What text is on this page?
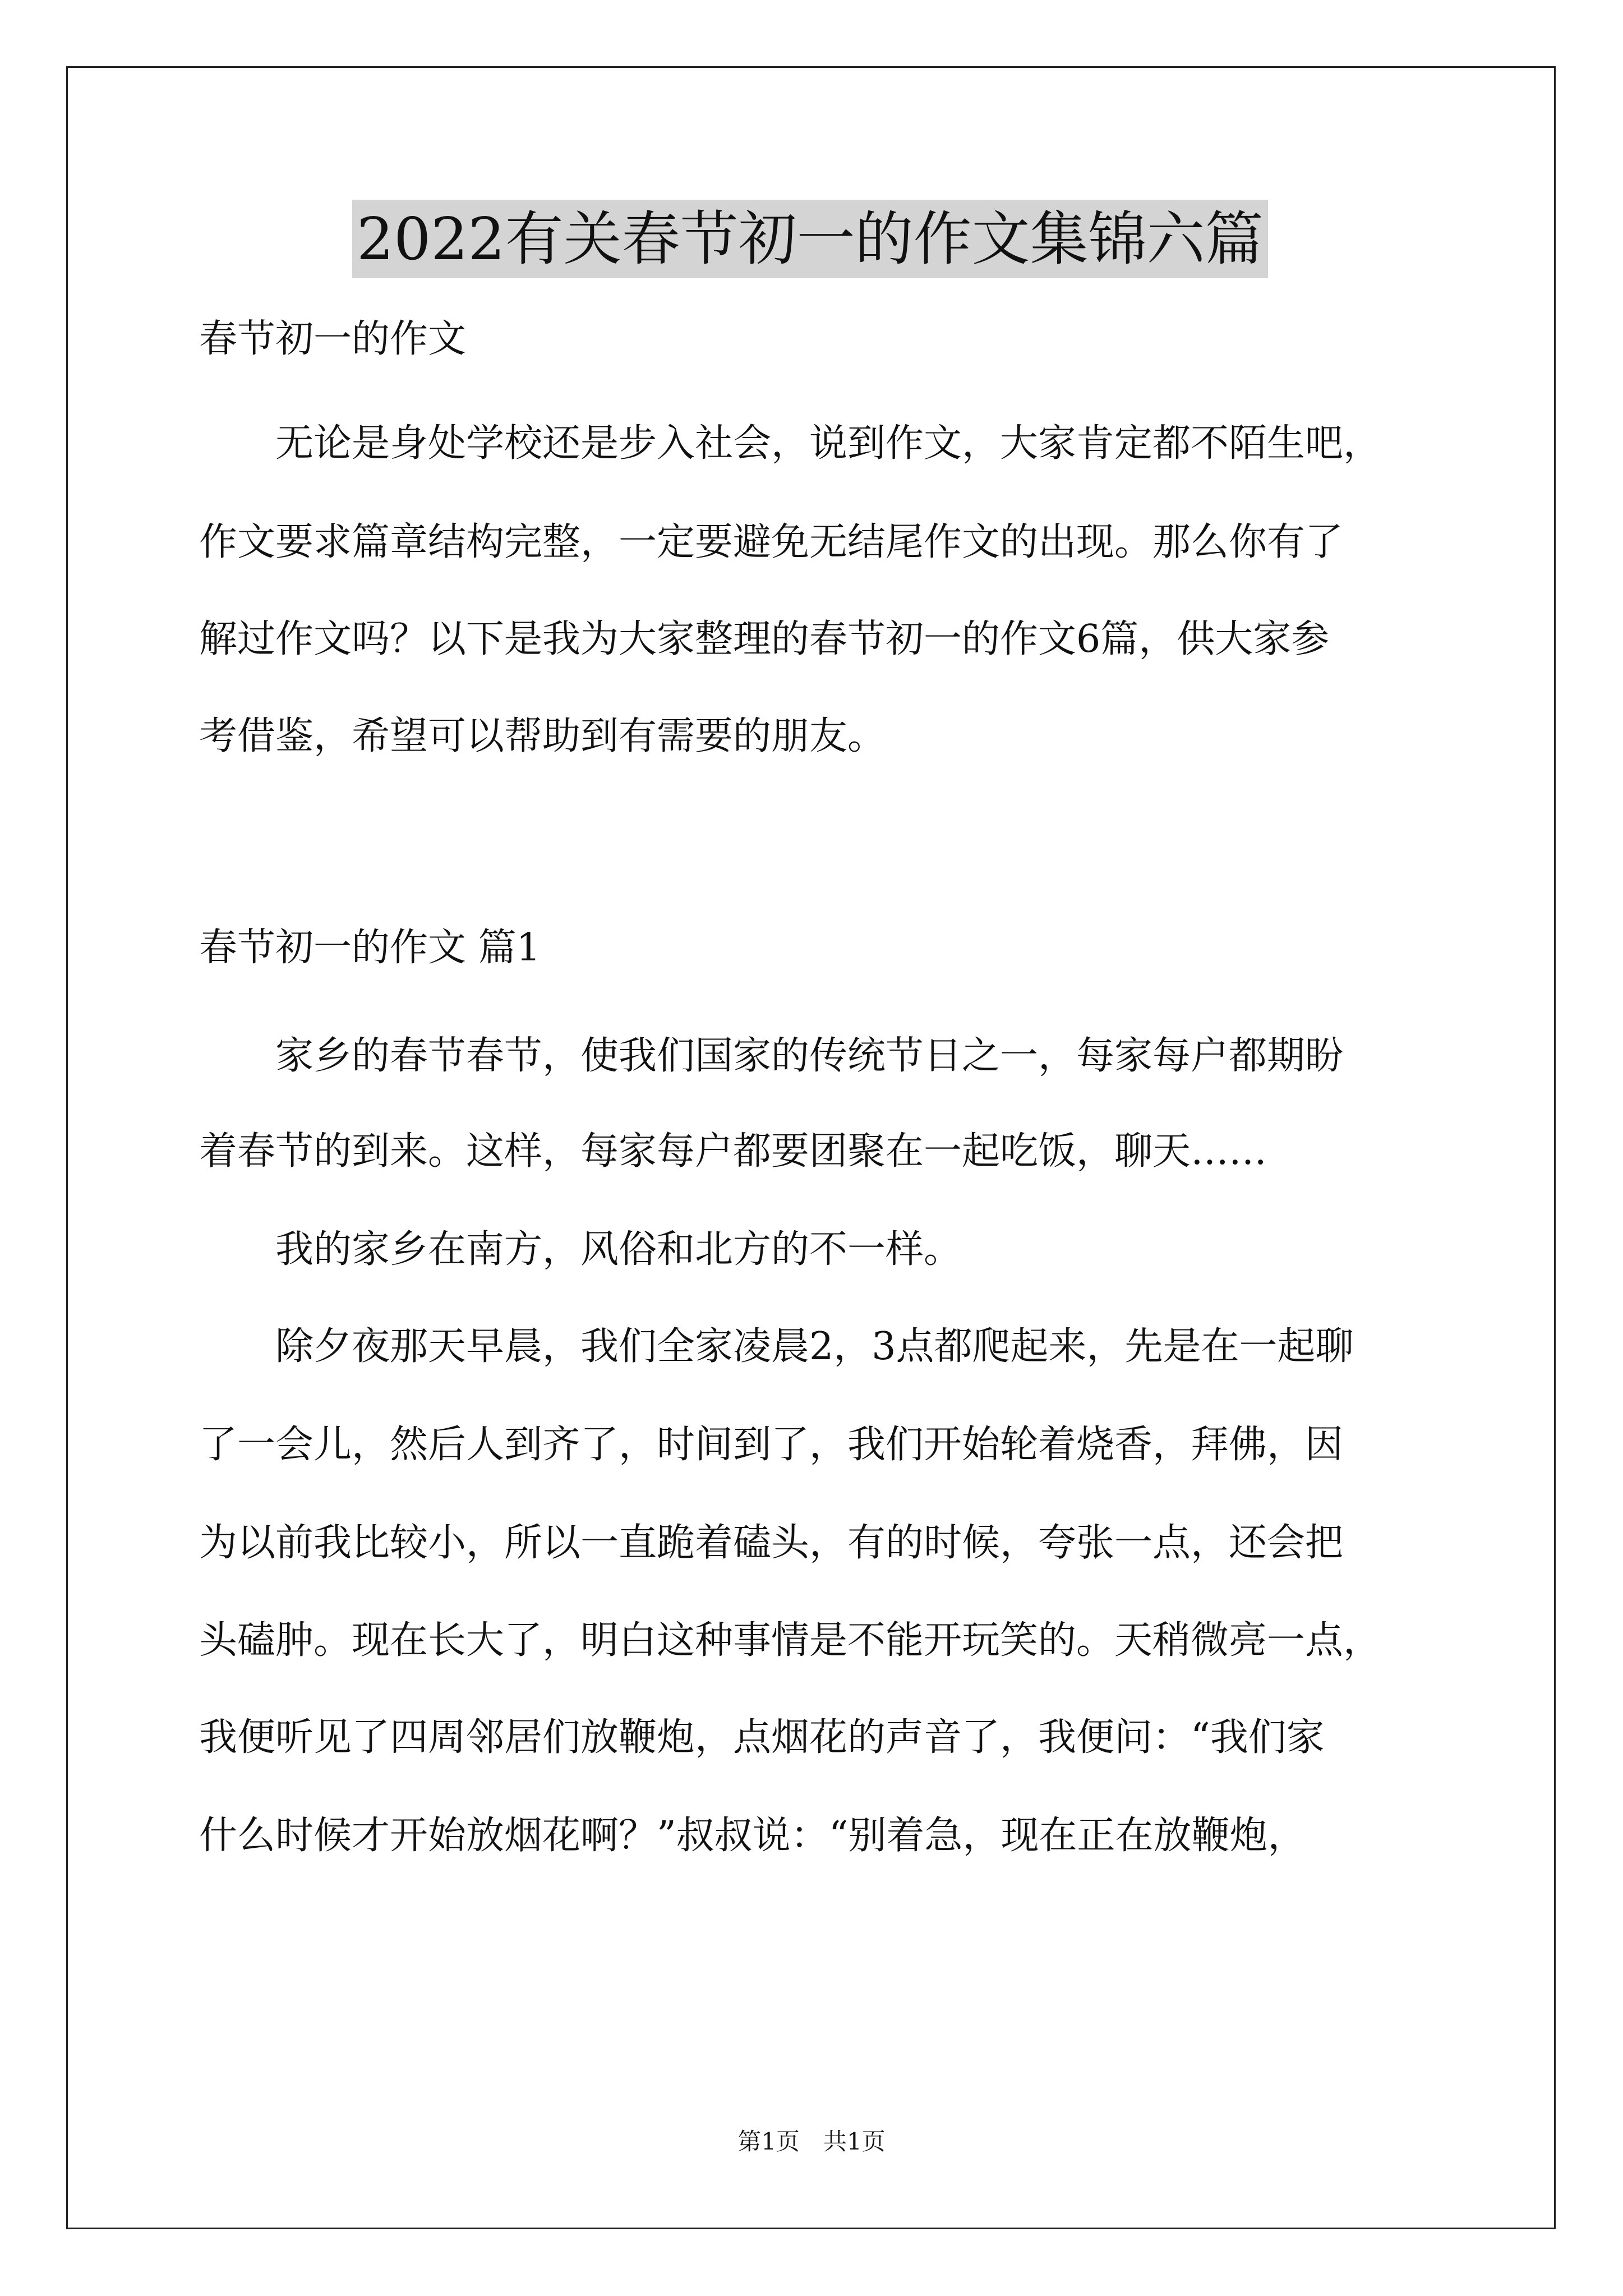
2022有关春节初一的作文集锦六篇

春节初一的作文

　　无论是身处学校还是步入社会，说到作文，大家肯定都不陌生吧，

作文要求篇章结构完整，一定要避免无结尾作文的出现。那么你有了

解过作文吗？以下是我为大家整理的春节初一的作文6篇，供大家参

考借鉴，希望可以帮助到有需要的朋友。

春节初一的作文 篇1

　　家乡的春节春节，使我们国家的传统节日之一，每家每户都期盼

着春节的到来。这样，每家每户都要团聚在一起吃饭，聊天……

　　我的家乡在南方，风俗和北方的不一样。

　　除夕夜那天早晨，我们全家凌晨2，3点都爬起来，先是在一起聊

了一会儿，然后人到齐了，时间到了，我们开始轮着烧香，拜佛，因

为以前我比较小，所以一直跪着磕头，有的时候，夸张一点，还会把

头磕肿。现在长大了，明白这种事情是不能开玩笑的。天稍微亮一点，

我便听见了四周邻居们放鞭炮，点烟花的声音了，我便问：“我们家

什么时候才开始放烟花啊？”叔叔说：“别着急，现在正在放鞭炮，

第1页　共1页
